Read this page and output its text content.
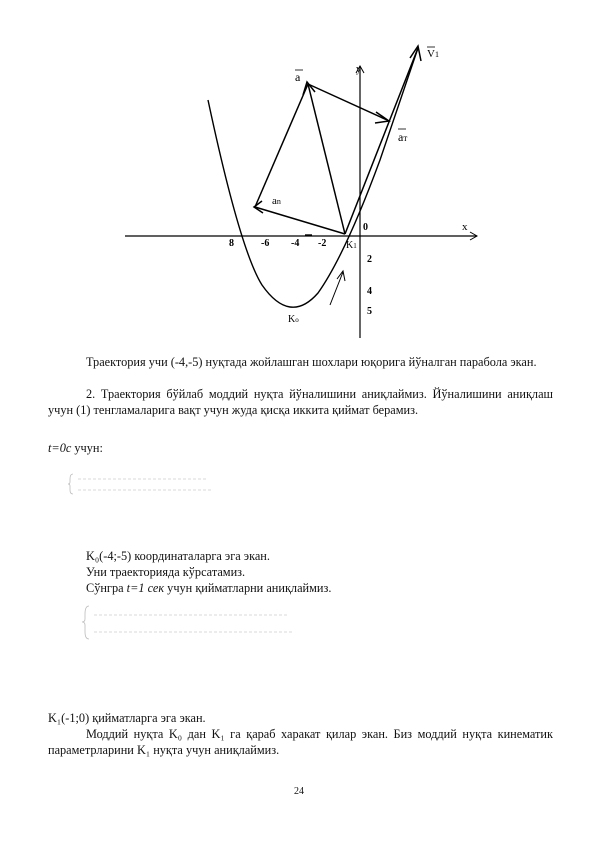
y
x
V1
a
aт
an
0
K1
Ko
8	-6 -4 -2
2
4
5
Траектория учи (-4,-5) нуқтада жойлашган шохлари юқорига йўналган парабола экан.
2. Траектория бўйлаб моддий нуқта йўналишини аниқлаймиз. Йўналишини аниқлаш учун (1) тенгламаларига вақт учун жуда қисқа иккита қиймат берамиз.
t=0с учун:
K₀(-4;-5) координаталарга эга экан.
Уни траекторияда кўрсатамиз.
Сўнгра t=1 сек учун қийматларни аниқлаймиз.
K₁(-1;0) қийматларга эга экан.
Моддий нуқта K₀ дан K₁ га қараб харакат қилар экан. Биз моддий нуқта кинематик параметрларини K₁ нуқта учун аниқлаймиз.
24
